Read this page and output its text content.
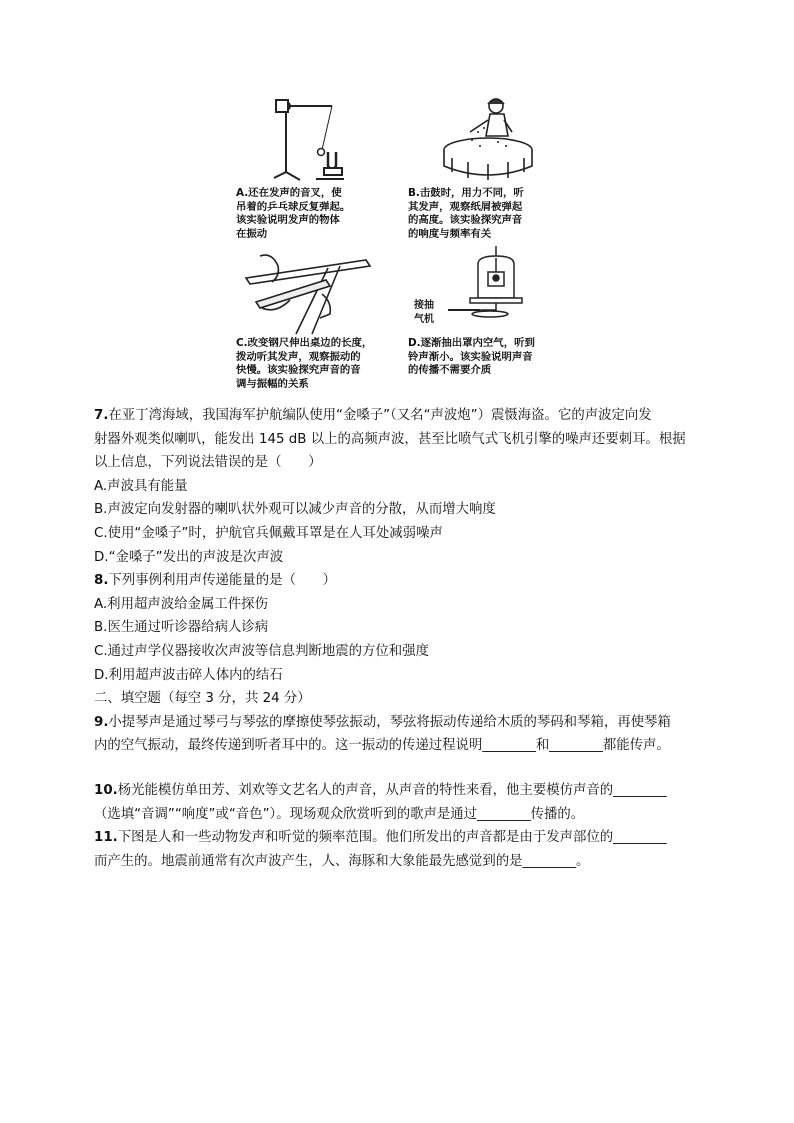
A.还在发声的音叉，使
吊着的乒乓球反复弹起。
该实验说明发声的物体
在振动
B.击鼓时，用力不同，听
其发声，观察纸屑被弹起
的高度。该实验探究声音
的响度与频率有关
C.改变钢尺伸出桌边的长度，
拨动听其发声，观察振动的
快慢。该实验探究声音的音
调与振幅的关系
接抽
气机
D.逐渐抽出罩内空气，听到
铃声渐小。该实验说明声音
的传播不需要介质
7.在亚丁湾海域，我国海军护航编队使用“金嗓子”（又名“声波炮”）震慑海盗。它的声波定向发
射器外观类似喇叭，能发出 145 dB 以上的高频声波，甚至比喷气式飞机引擎的噪声还要刺耳。根据
以上信息，下列说法错误的是（　　）
A.声波具有能量
B.声波定向发射器的喇叭状外观可以减少声音的分散，从而增大响度
C.使用“金嗓子”时，护航官兵佩戴耳罩是在人耳处减弱噪声
D.“金嗓子”发出的声波是次声波
8.下列事例利用声传递能量的是（　　）
A.利用超声波给金属工件探伤
B.医生通过听诊器给病人诊病
C.通过声学仪器接收次声波等信息判断地震的方位和强度
D.利用超声波击碎人体内的结石
二、填空题（每空 3 分，共 24 分）
9.小提琴声是通过琴弓与琴弦的摩擦使琴弦振动，琴弦将振动传递给木质的琴码和琴箱，再使琴箱
内的空气振动，最终传递到听者耳中的。这一振动的传递过程说明________和________都能传声。
10.杨光能模仿单田芳、刘欢等文艺名人的声音，从声音的特性来看，他主要模仿声音的________
（选填“音调”“响度”或“音色”）。现场观众欣赏听到的歌声是通过________传播的。
11.下图是人和一些动物发声和听觉的频率范围。他们所发出的声音都是由于发声部位的________
而产生的。地震前通常有次声波产生，人、海豚和大象能最先感觉到的是________。
